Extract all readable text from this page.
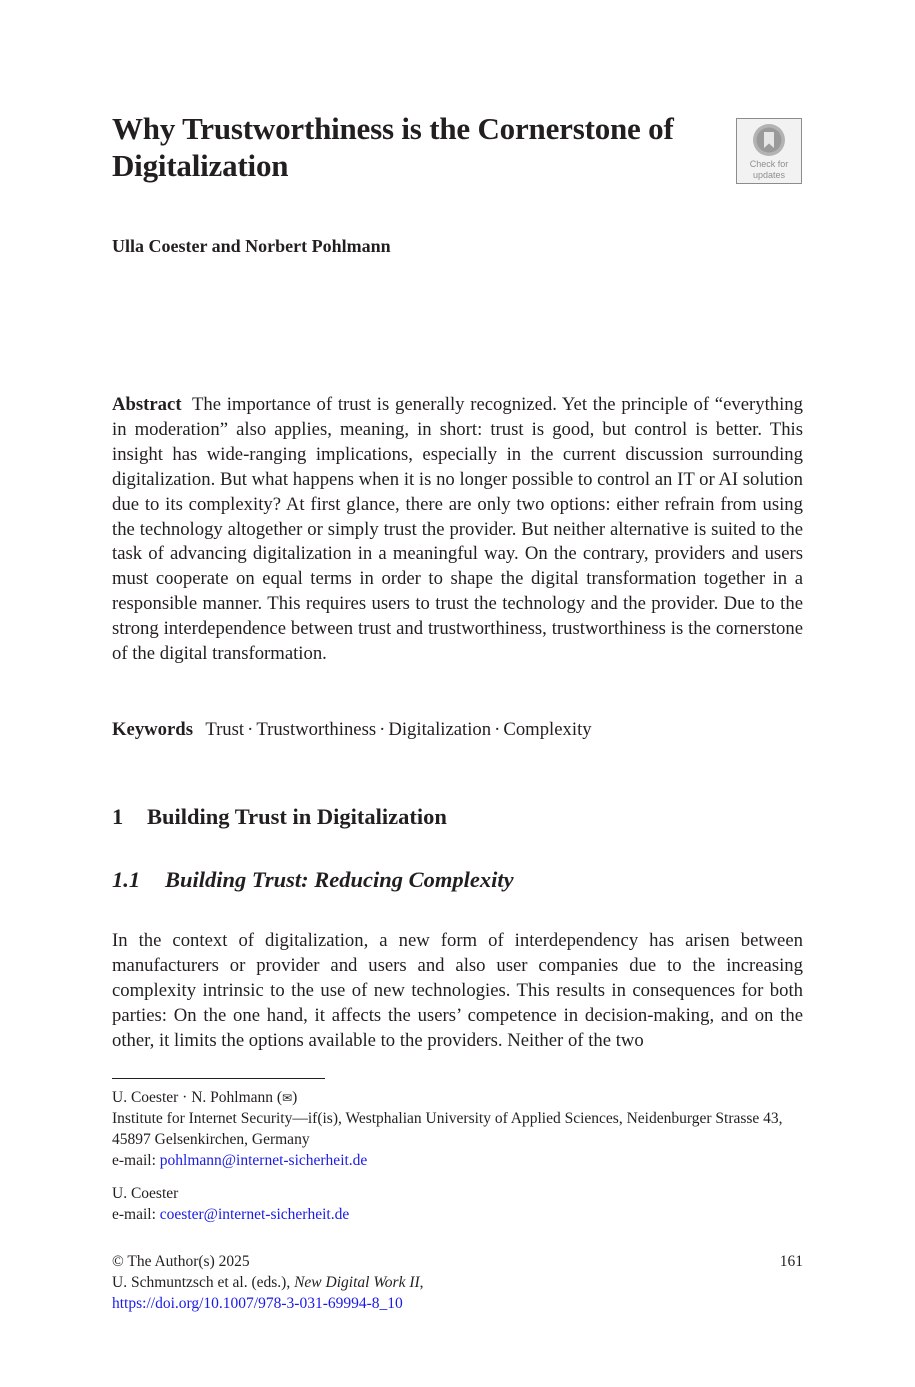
Why Trustworthiness is the Cornerstone of Digitalization	Check for
updates
Ulla Coester and Norbert Pohlmann

Abstract The importance of trust is generally recognized. Yet the principle of “everything in moderation” also applies, meaning, in short: trust is good, but control is better. This insight has wide-ranging implications, especially in the current discussion surrounding digitalization. But what happens when it is no longer possible to control an IT or AI solution due to its complexity? At first glance, there are only two options: either refrain from using the technology altogether or simply trust the provider. But neither alternative is suited to the task of advancing digitalization in a meaningful way. On the contrary, providers and users must cooperate on equal terms in order to shape the digital transformation together in a responsible manner. This requires users to trust the technology and the provider. Due to the strong interdependence between trust and trustworthiness, trustworthiness is the cornerstone of the digital transformation.

Keywords Trust · Trustworthiness · Digitalization · Complexity
1 Building Trust in Digitalization
1.1 Building Trust: Reducing Complexity

In the context of digitalization, a new form of interdependency has arisen between manufacturers or provider and users and also user companies due to the increasing complexity intrinsic to the use of new technologies. This results in consequences for both parties: On the one hand, it affects the users’ competence in decision-making, and on the other, it limits the options available to the providers. Neither of the two

U. Coester · N. Pohlmann (✉)

Institute for Internet Security—if(is), Westphalian University of Applied Sciences, Neidenburger Strasse 43, 45897 Gelsenkirchen, Germany

e-mail: pohlmann@internet-sicherheit.de

U. Coester

e-mail: coester@internet-sicherheit.de

© The Author(s) 2025
U. Schmuntzsch et al. (eds.), New Digital Work II,
https://doi.org/10.1007/978-3-031-69994-8_10
161
